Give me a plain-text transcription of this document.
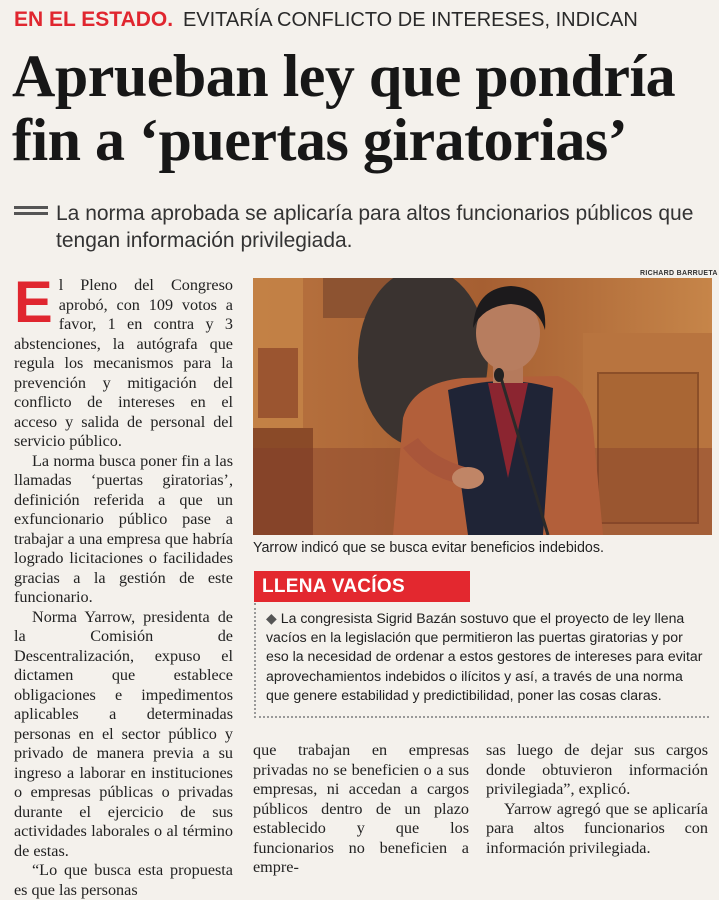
EN EL ESTADO. EVITARÍA CONFLICTO DE INTERESES, INDICAN
Aprueban ley que pondría fin a ‘puertas giratorias’

La norma aprobada se aplicaría para altos funcionarios públicos que tengan información privilegiada.

El Pleno del Congreso aprobó, con 109 votos a favor, 1 en contra y 3 abstenciones, la autógrafa que regula los mecanismos para la prevención y mitigación del conflicto de intereses en el acceso y salida de personal del servicio público.

La norma busca poner fin a las llamadas ‘puertas giratorias’, definición referida a que un exfuncionario público pase a trabajar a una empresa que habría logrado licitaciones o facilidades gracias a la gestión de este funcionario.

Norma Yarrow, presidenta de la Comisión de Descentralización, expuso el dictamen que establece obligaciones e impedimentos aplicables a determinadas personas en el sector público y privado de manera previa a su ingreso a laborar en instituciones o empresas públicas o privadas durante el ejercicio de sus actividades laborales o al término de estas.

“Lo que busca esta propuesta es que las personas

RICHARD BARRUETA
Yarrow indicó que se busca evitar beneficios indebidos.
LLENA VACÍOS

◆ La congresista Sigrid Bazán sostuvo que el proyecto de ley llena vacíos en la legislación que permitieron las puertas giratorias y por eso la necesidad de ordenar a estos gestores de intereses para evitar aprovechamientos indebidos o ilícitos y así, a través de una norma que genere estabilidad y predictibilidad, poner las cosas claras.

que trabajan en empresas privadas no se beneficien o a sus empresas, ni accedan a cargos públicos dentro de un plazo establecido y que los funcionarios no beneficien a empre-

sas luego de dejar sus cargos donde obtuvieron información privilegiada”, explicó.

Yarrow agregó que se aplicaría para altos funcionarios con información privilegiada.
